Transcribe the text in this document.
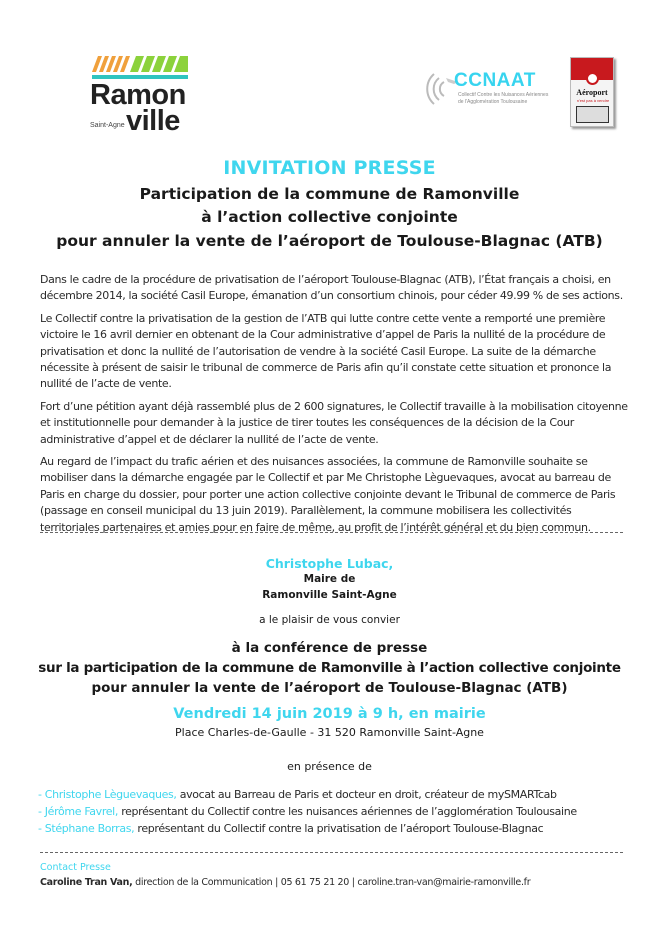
Ramon
Saint-Agne ville
CCNAAT
Collectif Contre les Nuisances Aériennes
de l'Agglomération Toulousaine
Aéroport
n'est pas à vendre
INVITATION PRESSE
Participation de la commune de Ramonville
à l’action collective conjointe
pour annuler la vente de l’aéroport de Toulouse-Blagnac (ATB)

Dans le cadre de la procédure de privatisation de l’aéroport Toulouse-Blagnac (ATB), l’État français a choisi, en décembre 2014, la société Casil Europe, émanation d’un consortium chinois, pour céder 49.99 % de ses actions.

Le Collectif contre la privatisation de la gestion de l’ATB qui lutte contre cette vente a remporté une première victoire le 16 avril dernier en obtenant de la Cour administrative d’appel de Paris la nullité de la procédure de privatisation et donc la nullité de l’autorisation de vendre à la société Casil Europe. La suite de la démarche nécessite à présent de saisir le tribunal de commerce de Paris afin qu’il constate cette situation et prononce la nullité de l’acte de vente.

Fort d’une pétition ayant déjà rassemblé plus de 2 600 signatures, le Collectif travaille à la mobilisation citoyenne et institutionnelle pour demander à la justice de tirer toutes les conséquences de la décision de la Cour administrative d’appel et de déclarer la nullité de l’acte de vente.

Au regard de l’impact du trafic aérien et des nuisances associées, la commune de Ramonville souhaite se mobiliser dans la démarche engagée par le Collectif et par Me Christophe Lèguevaques, avocat au barreau de Paris en charge du dossier, pour porter une action collective conjointe devant le Tribunal de commerce de Paris (passage en conseil municipal du 13 juin 2019). Parallèlement, la commune mobilisera les collectivités territoriales partenaires et amies pour en faire de même, au profit de l’intérêt général et du bien commun.

Christophe Lubac,
Maire de
Ramonville Saint-Agne
a le plaisir de vous convier
à la conférence de presse
sur la participation de la commune de Ramonville à l’action collective conjointe
pour annuler la vente de l’aéroport de Toulouse-Blagnac (ATB)
Vendredi 14 juin 2019 à 9 h, en mairie
Place Charles-de-Gaulle - 31 520 Ramonville Saint-Agne
en présence de
- Christophe Lèguevaques, avocat au Barreau de Paris et docteur en droit, créateur de mySMARTcab
- Jérôme Favrel, représentant du Collectif contre les nuisances aériennes de l’agglomération Toulousaine
- Stéphane Borras, représentant du Collectif contre la privatisation de l’aéroport Toulouse-Blagnac
Contact Presse
Caroline Tran Van, direction de la Communication | 05 61 75 21 20 | caroline.tran-van@mairie-ramonville.fr
